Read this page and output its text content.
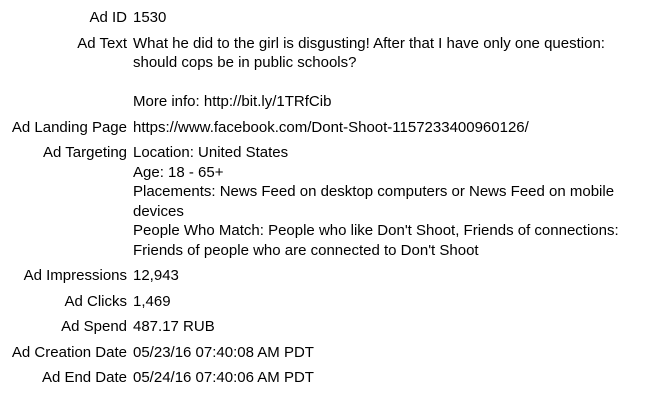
Ad ID 1530
Ad Text What he did to the girl is disgusting! After that I have only one question:
should cops be in public schools?
More info: http://bit.ly/1TRfCib
Ad Landing Page https://www.facebook.com/Dont-Shoot-1157233400960126/
Ad Targeting Location: United States
Age: 18 - 65+
Placements: News Feed on desktop computers or News Feed on mobile
devices
People Who Match: People who like Don't Shoot, Friends of connections:
Friends of people who are connected to Don't Shoot
Ad Impressions 12,943
Ad Clicks 1,469
Ad Spend 487.17 RUB
Ad Creation Date 05/23/16 07:40:08 AM PDT
Ad End Date 05/24/16 07:40:06 AM PDT
